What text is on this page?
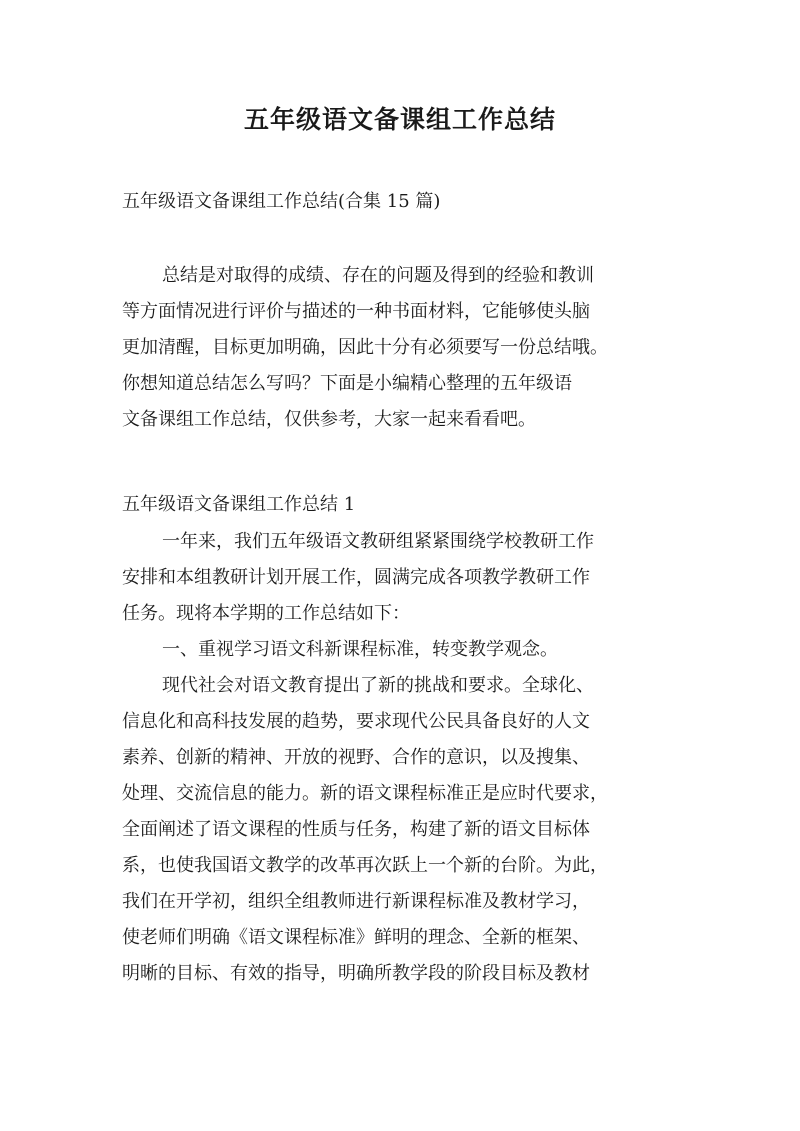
五年级语文备课组工作总结

五年级语文备课组工作总结(合集 15 篇)

总结是对取得的成绩、存在的问题及得到的经验和教训

等方面情况进行评价与描述的一种书面材料，它能够使头脑

更加清醒，目标更加明确，因此十分有必须要写一份总结哦。

你想知道总结怎么写吗？下面是小编精心整理的五年级语

文备课组工作总结，仅供参考，大家一起来看看吧。

五年级语文备课组工作总结 1

一年来，我们五年级语文教研组紧紧围绕学校教研工作

安排和本组教研计划开展工作，圆满完成各项教学教研工作

任务。现将本学期的工作总结如下：

一、重视学习语文科新课程标准，转变教学观念。

现代社会对语文教育提出了新的挑战和要求。全球化、

信息化和高科技发展的趋势，要求现代公民具备良好的人文

素养、创新的精神、开放的视野、合作的意识，以及搜集、

处理、交流信息的能力。新的语文课程标准正是应时代要求，

全面阐述了语文课程的性质与任务，构建了新的语文目标体

系，也使我国语文教学的改革再次跃上一个新的台阶。为此，

我们在开学初，组织全组教师进行新课程标准及教材学习，

使老师们明确《语文课程标准》鲜明的理念、全新的框架、

明晰的目标、有效的指导，明确所教学段的阶段目标及教材
